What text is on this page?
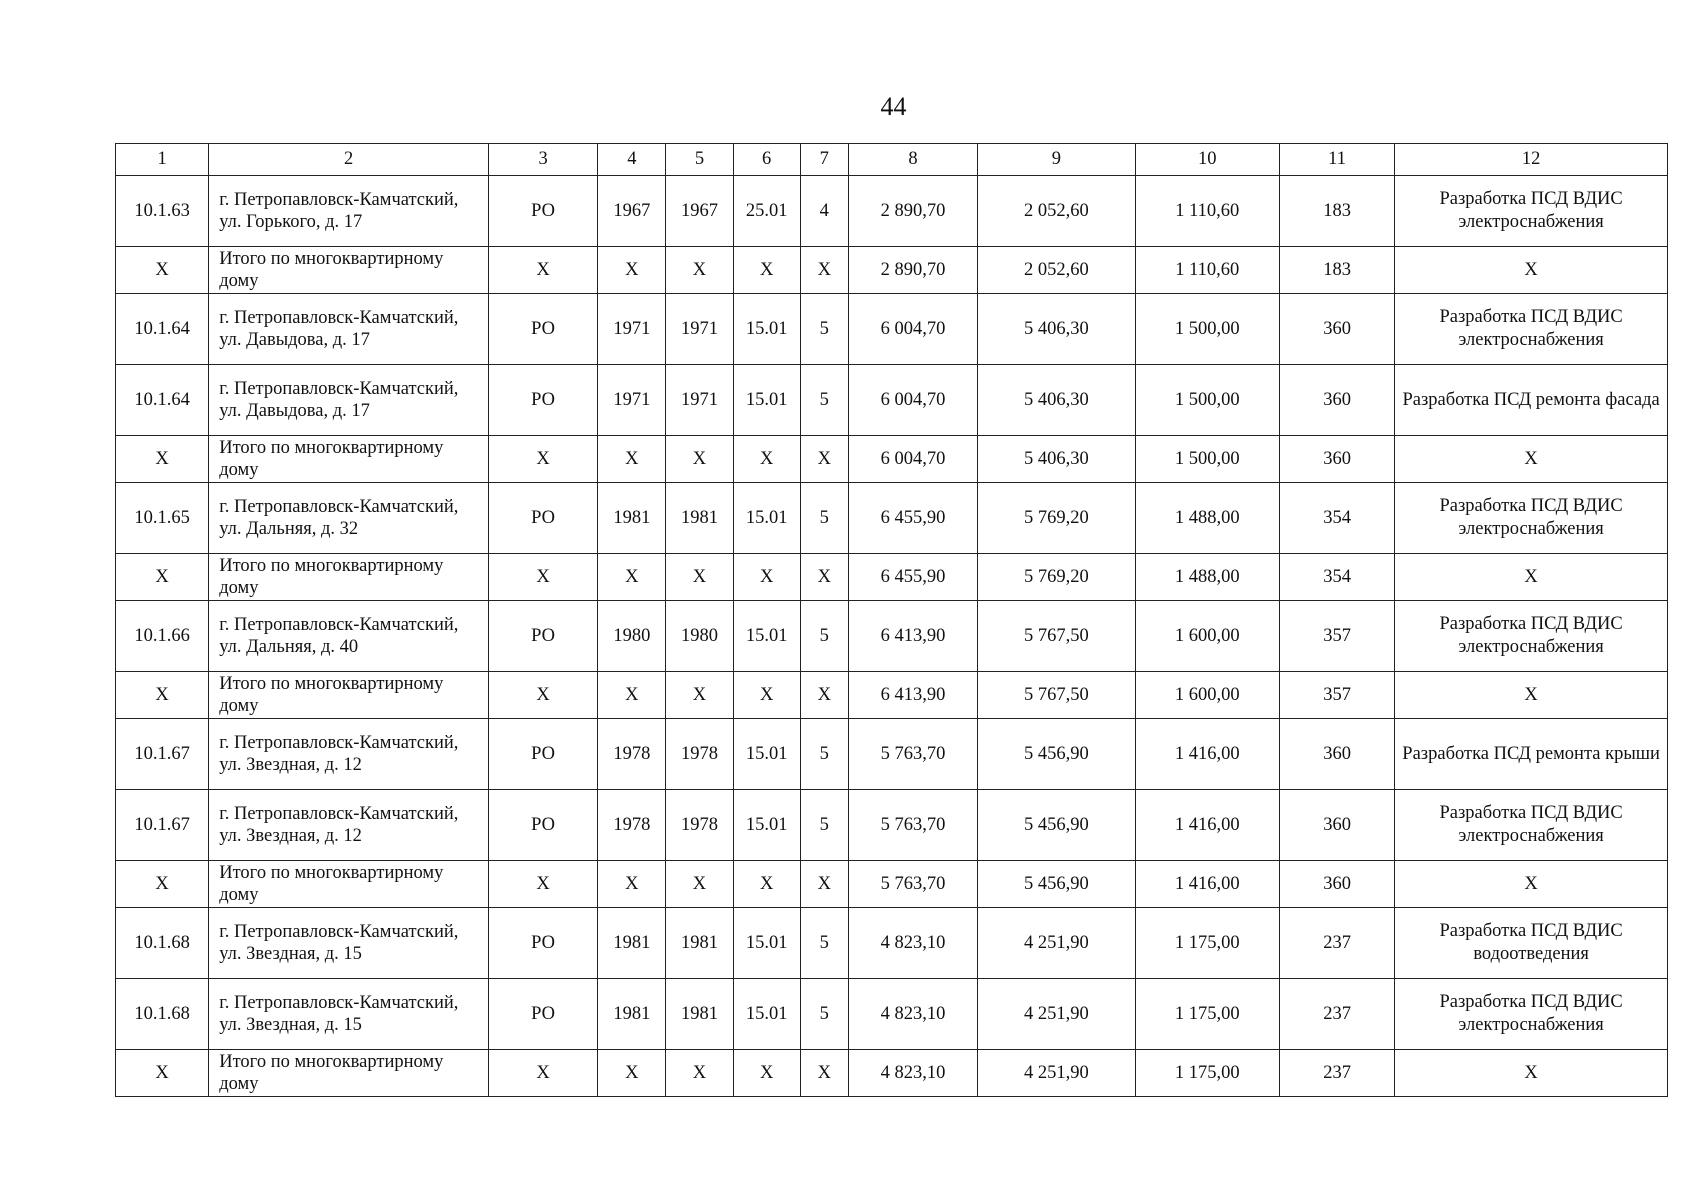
44
1	2	3	4	5	6	7	8	9	10	11	12
10.1.63	г. Петропавловск-Камчатский, ул. Горького, д. 17	РО	1967	1967	25.01	4	2 890,70	2 052,60	1 110,60	183	Разработка ПСД ВДИС электроснабжения
Х	Итого по многоквартирному дому	Х	Х	Х	Х	Х	2 890,70	2 052,60	1 110,60	183	Х
10.1.64	г. Петропавловск-Камчатский, ул. Давыдова, д. 17	РО	1971	1971	15.01	5	6 004,70	5 406,30	1 500,00	360	Разработка ПСД ВДИС электроснабжения
10.1.64	г. Петропавловск-Камчатский, ул. Давыдова, д. 17	РО	1971	1971	15.01	5	6 004,70	5 406,30	1 500,00	360	Разработка ПСД ремонта фасада
Х	Итого по многоквартирному дому	Х	Х	Х	Х	Х	6 004,70	5 406,30	1 500,00	360	Х
10.1.65	г. Петропавловск-Камчатский, ул. Дальняя, д. 32	РО	1981	1981	15.01	5	6 455,90	5 769,20	1 488,00	354	Разработка ПСД ВДИС электроснабжения
Х	Итого по многоквартирному дому	Х	Х	Х	Х	Х	6 455,90	5 769,20	1 488,00	354	Х
10.1.66	г. Петропавловск-Камчатский, ул. Дальняя, д. 40	РО	1980	1980	15.01	5	6 413,90	5 767,50	1 600,00	357	Разработка ПСД ВДИС электроснабжения
Х	Итого по многоквартирному дому	Х	Х	Х	Х	Х	6 413,90	5 767,50	1 600,00	357	Х
10.1.67	г. Петропавловск-Камчатский, ул. Звездная, д. 12	РО	1978	1978	15.01	5	5 763,70	5 456,90	1 416,00	360	Разработка ПСД ремонта крыши
10.1.67	г. Петропавловск-Камчатский, ул. Звездная, д. 12	РО	1978	1978	15.01	5	5 763,70	5 456,90	1 416,00	360	Разработка ПСД ВДИС электроснабжения
Х	Итого по многоквартирному дому	Х	Х	Х	Х	Х	5 763,70	5 456,90	1 416,00	360	Х
10.1.68	г. Петропавловск-Камчатский, ул. Звездная, д. 15	РО	1981	1981	15.01	5	4 823,10	4 251,90	1 175,00	237	Разработка ПСД ВДИС водоотведения
10.1.68	г. Петропавловск-Камчатский, ул. Звездная, д. 15	РО	1981	1981	15.01	5	4 823,10	4 251,90	1 175,00	237	Разработка ПСД ВДИС электроснабжения
Х	Итого по многоквартирному дому	Х	Х	Х	Х	Х	4 823,10	4 251,90	1 175,00	237	Х
